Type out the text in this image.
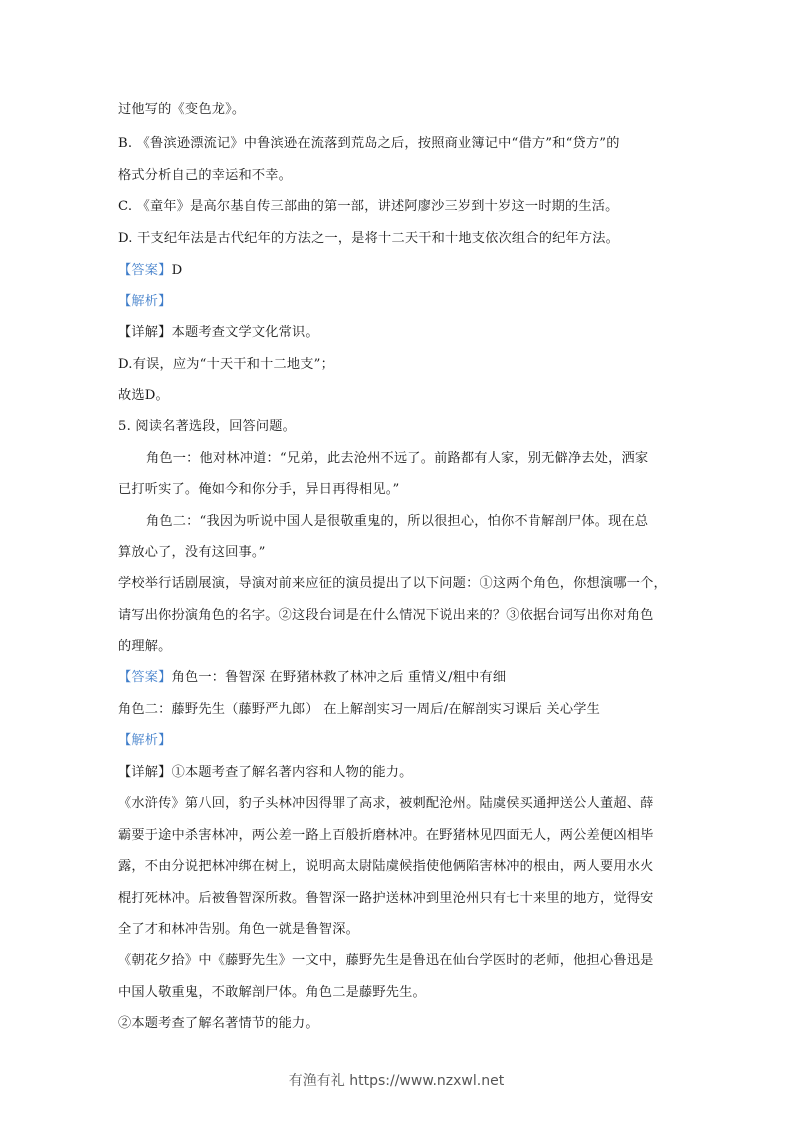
过他写的《变色龙》。
B. 《鲁滨逊漂流记》中鲁滨逊在流落到荒岛之后，按照商业簿记中“借方”和“贷方”的
格式分析自己的幸运和不幸。
C. 《童年》是高尔基自传三部曲的第一部，讲述阿廖沙三岁到十岁这一时期的生活。
D. 干支纪年法是古代纪年的方法之一，是将十二天干和十地支依次组合的纪年方法。
【答案】D
【解析】
【详解】本题考查文学文化常识。
D.有误，应为“十天干和十二地支”；
故选D。
5. 阅读名著选段，回答问题。
角色一：他对林冲道：“兄弟，此去沧州不远了。前路都有人家，别无僻净去处，洒家
已打听实了。俺如今和你分手，异日再得相见。”
角色二：“我因为听说中国人是很敬重鬼的，所以很担心，怕你不肯解剖尸体。现在总
算放心了，没有这回事。”
学校举行话剧展演，导演对前来应征的演员提出了以下问题：①这两个角色，你想演哪一个，
请写出你扮演角色的名字。②这段台词是在什么情况下说出来的？③依据台词写出你对角色
的理解。
【答案】角色一：鲁智深 在野猪林救了林冲之后 重情义/粗中有细
角色二：藤野先生（藤野严九郎） 在上解剖实习一周后/在解剖实习课后 关心学生
【解析】
【详解】①本题考查了解名著内容和人物的能力。
《水浒传》第八回，豹子头林冲因得罪了高求，被刺配沧州。陆虞侯买通押送公人董超、薛
霸要于途中杀害林冲，两公差一路上百般折磨林冲。在野猪林见四面无人，两公差便凶相毕
露，不由分说把林冲绑在树上，说明高太尉陆虞候指使他俩陷害林冲的根由，两人要用水火
棍打死林冲。后被鲁智深所救。鲁智深一路护送林冲到里沧州只有七十来里的地方，觉得安
全了才和林冲告别。角色一就是鲁智深。
《朝花夕拾》中《藤野先生》一文中，藤野先生是鲁迅在仙台学医时的老师，他担心鲁迅是
中国人敬重鬼，不敢解剖尸体。角色二是藤野先生。
②本题考查了解名著情节的能力。
有渔有礼 https://www.nzxwl.net
